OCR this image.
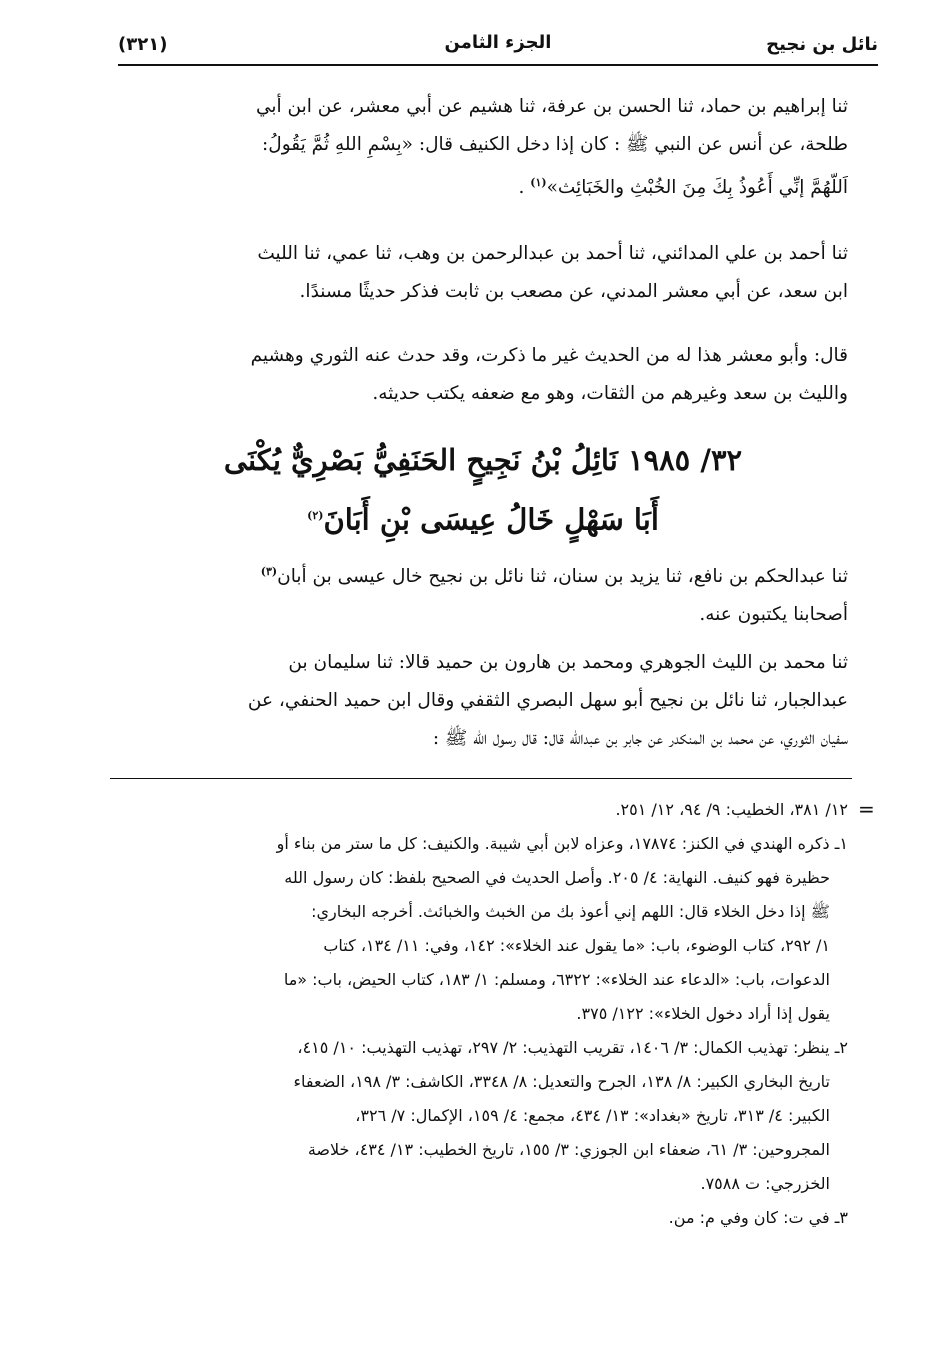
نائل بن نجيح
الجزء الثامن
(٣٢١)
ثنا إبراهيم بن حماد، ثنا الحسن بن عرفة، ثنا هشيم عن أبي معشر، عن ابن أبي
طلحة، عن أنس عن النبي ﷺ : كان إذا دخل الكنيف قال: «بِسْمِ اللهِ ثُمَّ يَقُولُ:
اَللّهُمَّ إنِّي أَعُوذُ بِكَ مِنَ الخُبْثِ والخَبَائِث»$^{(١)}$ .
ثنا أحمد بن علي المدائني، ثنا أحمد بن عبدالرحمن بن وهب، ثنا عمي، ثنا الليث
ابن سعد، عن أبي معشر المدني، عن مصعب بن ثابت فذكر حديثًا مسندًا.
قال: وأبو معشر هذا له من الحديث غير ما ذكرت، وقد حدث عنه الثوري وهشيم
والليث بن سعد وغيرهم من الثقات، وهو مع ضعفه يكتب حديثه.
٣٢/ ١٩٨٥ نَائِلُ بْنُ نَجِيحٍ الحَنَفِيُّ بَصْرِيٌّ يُكْنَى
أَبَا سَهْلٍ خَالُ عِيسَى بْنِ أَبَانَ$^{(٢)}$
ثنا عبدالحكم بن نافع، ثنا يزيد بن سنان، ثنا نائل بن نجيح خال عيسى بن أبان$^{(٣)}$
أصحابنا يكتبون عنه.
ثنا محمد بن الليث الجوهري ومحمد بن هارون بن حميد قالا: ثنا سليمان بن
عبدالجبار، ثنا نائل بن نجيح أبو سهل البصري الثقفي وقال ابن حميد الحنفي، عن
سفيان الثوري، عن محمد بن المنكدر عن جابر بن عبدالله قال: قال رسول الله ﷺ :
=

١٢/ ٣٨١، الخطيب: ٩/ ٩٤، ١٢/ ٢٥١.

١ـ ذكره الهندي في الكنز: ١٧٨٧٤، وعزاه لابن أبي شيبة. والكنيف: كل ما ستر من بناء أو
حظيرة فهو كنيف. النهاية: ٤/ ٢٠٥. وأصل الحديث في الصحيح بلفظ: كان رسول الله
ﷺ إذا دخل الخلاء قال: اللهم إني أعوذ بك من الخبث والخبائث. أخرجه البخاري:
١/ ٢٩٢، كتاب الوضوء، باب: «ما يقول عند الخلاء»: ١٤٢، وفي: ١١/ ١٣٤، كتاب
الدعوات، باب: «الدعاء عند الخلاء»: ٦٣٢٢، ومسلم: ١/ ١٨٣، كتاب الحيض، باب: «ما
يقول إذا أراد دخول الخلاء»: ١٢٢/ ٣٧٥.
٢ـ ينظر: تهذيب الكمال: ٣/ ١٤٠٦، تقريب التهذيب: ٢/ ٢٩٧، تهذيب التهذيب: ١٠/ ٤١٥،
تاريخ البخاري الكبير: ٨/ ١٣٨، الجرح والتعديل: ٨/ ٣٣٤٨، الكاشف: ٣/ ١٩٨، الضعفاء
الكبير: ٤/ ٣١٣، تاريخ «بغداد»: ١٣/ ٤٣٤، مجمع: ٤/ ١٥٩، الإكمال: ٧/ ٣٢٦،
المجروحين: ٣/ ٦١، ضعفاء ابن الجوزي: ٣/ ١٥٥، تاريخ الخطيب: ١٣/ ٤٣٤، خلاصة
الخزرجي: ت ٧٥٨٨.
٣ـ في ت: كان وفي م: من.
